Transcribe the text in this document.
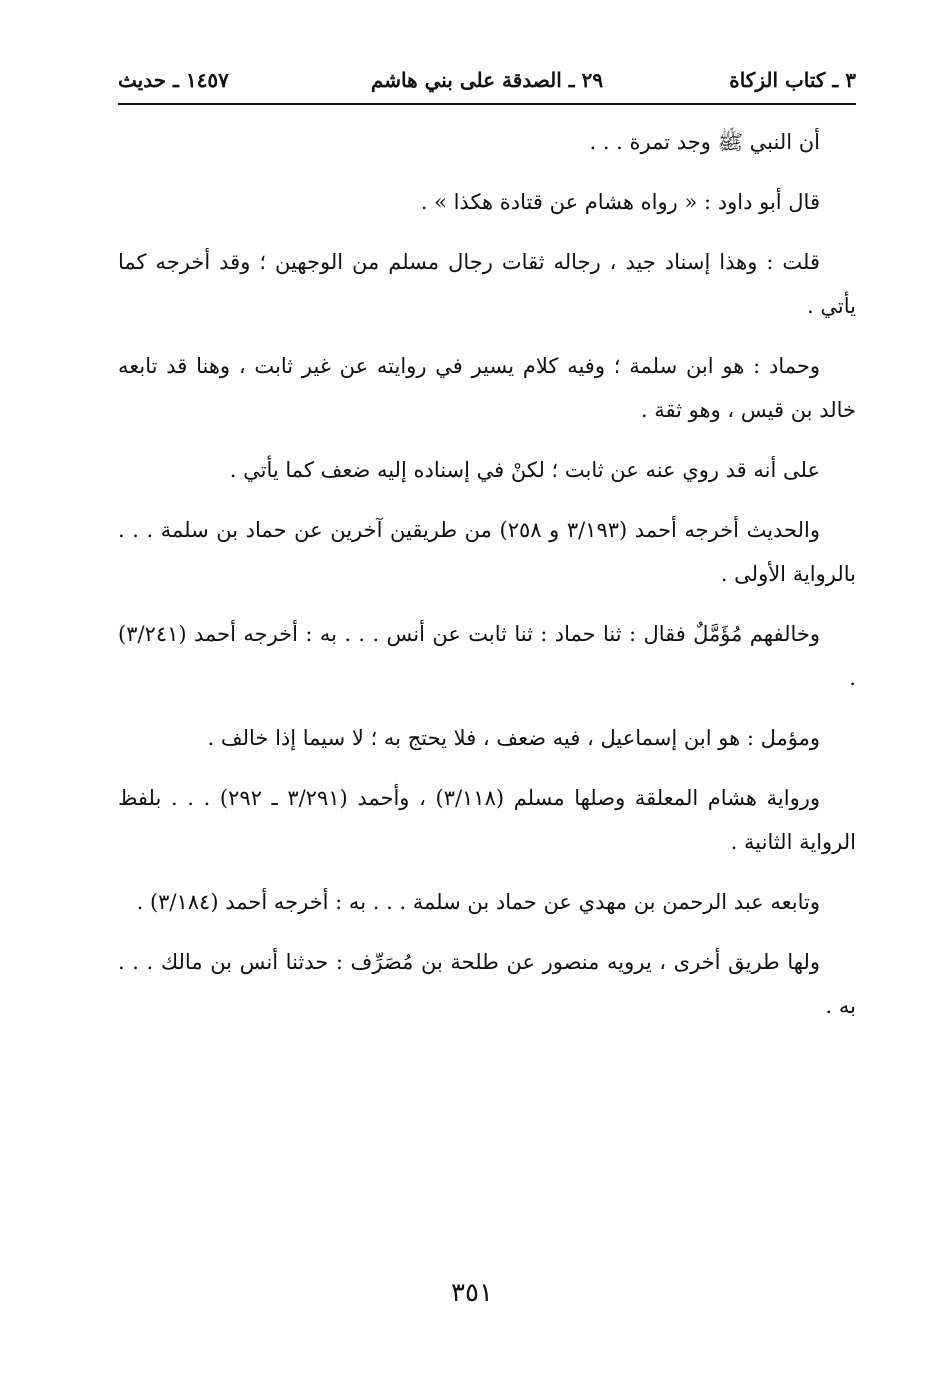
٣ ـ كتاب الزكاة
٢٩ ـ الصدقة على بني هاشم
١٤٥٧ ـ حديث

أن النبي ﷺ وجد تمرة . . .

قال أبو داود : « رواه هشام عن قتادة هكذا » .

قلت : وهذا إسناد جيد ، رجاله ثقات رجال مسلم من الوجهين ؛ وقد أخرجه كما يأتي .

وحماد : هو ابن سلمة ؛ وفيه كلام يسير في روايته عن غير ثابت ، وهنا قد تابعه خالد بن قيس ، وهو ثقة .

على أنه قد روي عنه عن ثابت ؛ لكنْ في إسناده إليه ضعف كما يأتي .

والحديث أخرجه أحمد (٣/١٩٣ و ٢٥٨) من طريقين آخرين عن حماد بن سلمة . . . بالرواية الأولى .

وخالفهم مُؤَمَّلٌ فقال : ثنا حماد : ثنا ثابت عن أنس . . . به : أخرجه أحمد (٣/٢٤١) .

ومؤمل : هو ابن إسماعيل ، فيه ضعف ، فلا يحتج به ؛ لا سيما إذا خالف .

ورواية هشام المعلقة وصلها مسلم (٣/١١٨) ، وأحمد (٣/٢٩١ ـ ٢٩٢) . . . بلفظ الرواية الثانية .

وتابعه عبد الرحمن بن مهدي عن حماد بن سلمة . . . به : أخرجه أحمد (٣/١٨٤) .

ولها طريق أخرى ، يرويه منصور عن طلحة بن مُصَرِّف : حدثنا أنس بن مالك . . . به .

٣٥١
